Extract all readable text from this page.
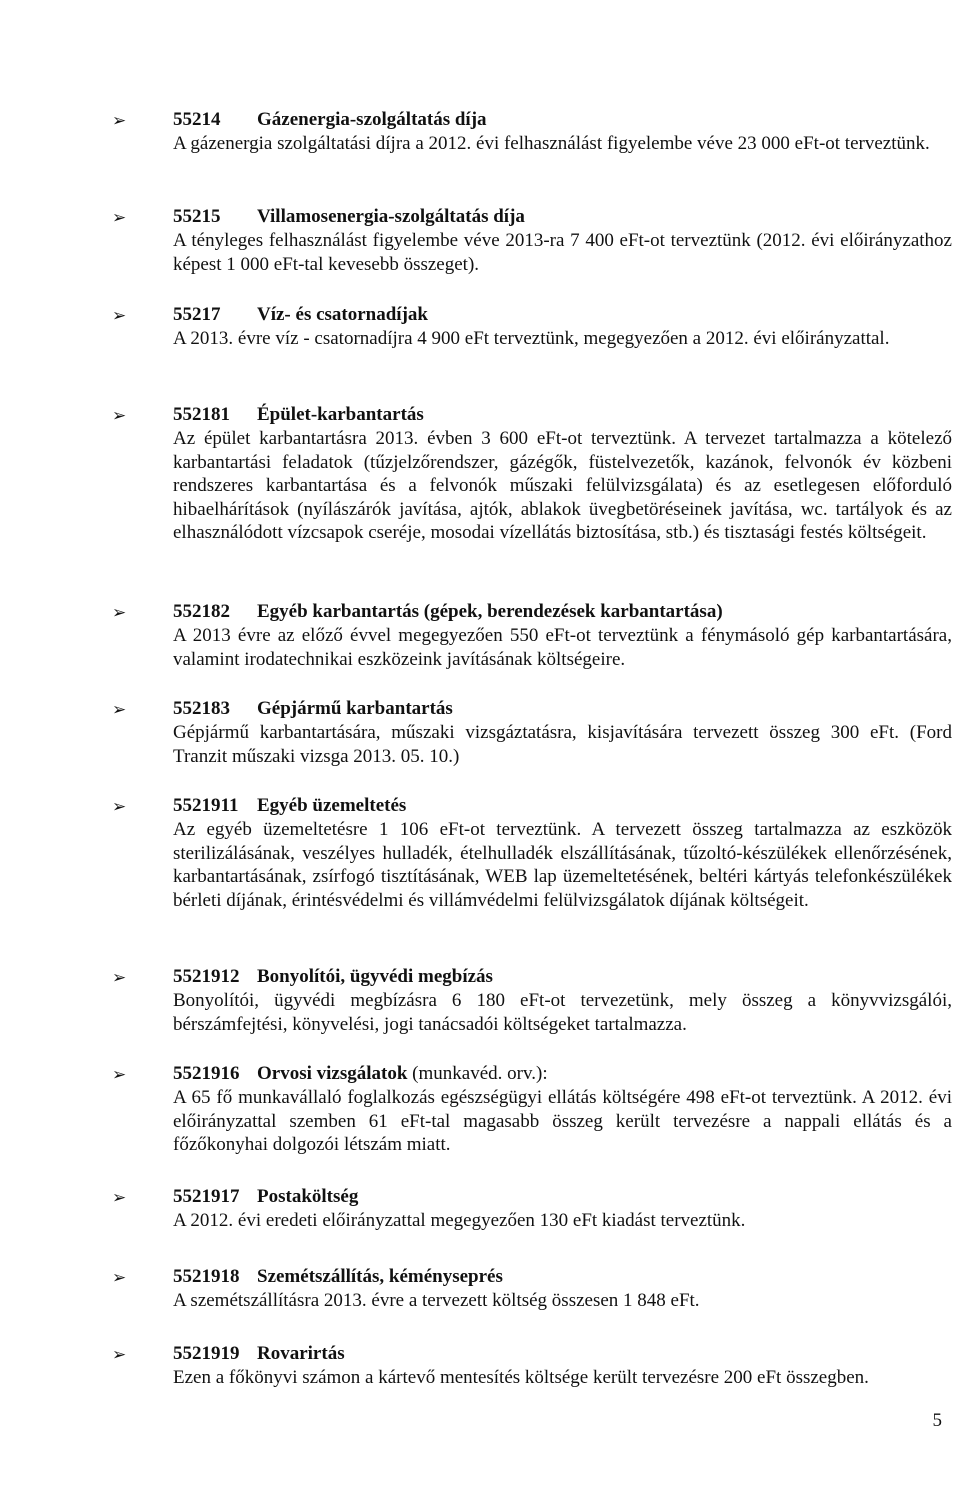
➢ 55214 Gázenergia-szolgáltatás díja
A gázenergia szolgáltatási díjra a 2012. évi felhasználást figyelembe véve 23 000 eFt-ot terveztünk.
➢ 55215 Villamosenergia-szolgáltatás díja
A tényleges felhasználást figyelembe véve 2013-ra 7 400 eFt-ot terveztünk (2012. évi előirányzathoz képest 1 000 eFt-tal kevesebb összeget).
➢ 55217 Víz- és csatornadíjak
A 2013. évre víz - csatornadíjra 4 900 eFt terveztünk, megegyezően a 2012. évi előirányzattal.
➢ 552181 Épület-karbantartás
Az épület karbantartásra 2013. évben 3 600 eFt-ot terveztünk. A tervezet tartalmazza a kötelező karbantartási feladatok (tűzjelzőrendszer, gázégők, füstelvezetők, kazánok, felvonók év közbeni rendszeres karbantartása és a felvonók műszaki felülvizsgálata) és az esetlegesen előforduló hibaelhárítások (nyílászárók javítása, ajtók, ablakok üvegbetöréseinek javítása, wc. tartályok és az elhasználódott vízcsapok cseréje, mosodai vízellátás biztosítása, stb.) és tisztasági festés költségeit.
➢ 552182 Egyéb karbantartás (gépek, berendezések karbantartása)
A 2013 évre az előző évvel megegyezően 550 eFt-ot terveztünk a fénymásoló gép karbantartására, valamint irodatechnikai eszközeink javításának költségeire.
➢ 552183 Gépjármű karbantartás
Gépjármű karbantartására, műszaki vizsgáztatásra, kisjavítására tervezett összeg 300 eFt. (Ford Tranzit műszaki vizsga 2013. 05. 10.)
➢ 5521911 Egyéb üzemeltetés
Az egyéb üzemeltetésre 1 106 eFt-ot terveztünk. A tervezett összeg tartalmazza az eszközök sterilizálásának, veszélyes hulladék, ételhulladék elszállításának, tűzoltó-készülékek ellenőrzésének, karbantartásának, zsírfogó tisztításának, WEB lap üzemeltetésének, beltéri kártyás telefonkészülékek bérleti díjának, érintésvédelmi és villámvédelmi felülvizsgálatok díjának költségeit.
➢ 5521912 Bonyolítói, ügyvédi megbízás
Bonyolítói, ügyvédi megbízásra 6 180 eFt-ot tervezetünk, mely összeg a könyvvizsgálói, bérszámfejtési, könyvelési, jogi tanácsadói költségeket tartalmazza.
➢ 5521916 Orvosi vizsgálatok (munkavéd. orv.):
A 65 fő munkavállaló foglalkozás egészségügyi ellátás költségére 498 eFt-ot terveztünk. A 2012. évi előirányzattal szemben 61 eFt-tal magasabb összeg került tervezésre a nappali ellátás és a főzőkonyhai dolgozói létszám miatt.
➢ 5521917 Postaköltség
A 2012. évi eredeti előirányzattal megegyezően 130 eFt kiadást terveztünk.
➢ 5521918 Szemétszállítás, kéményseprés
A szemétszállításra 2013. évre a tervezett költség összesen 1 848 eFt.
➢ 5521919 Rovarirtás
Ezen a főkönyvi számon a kártevő mentesítés költsége került tervezésre 200 eFt összegben.
5
